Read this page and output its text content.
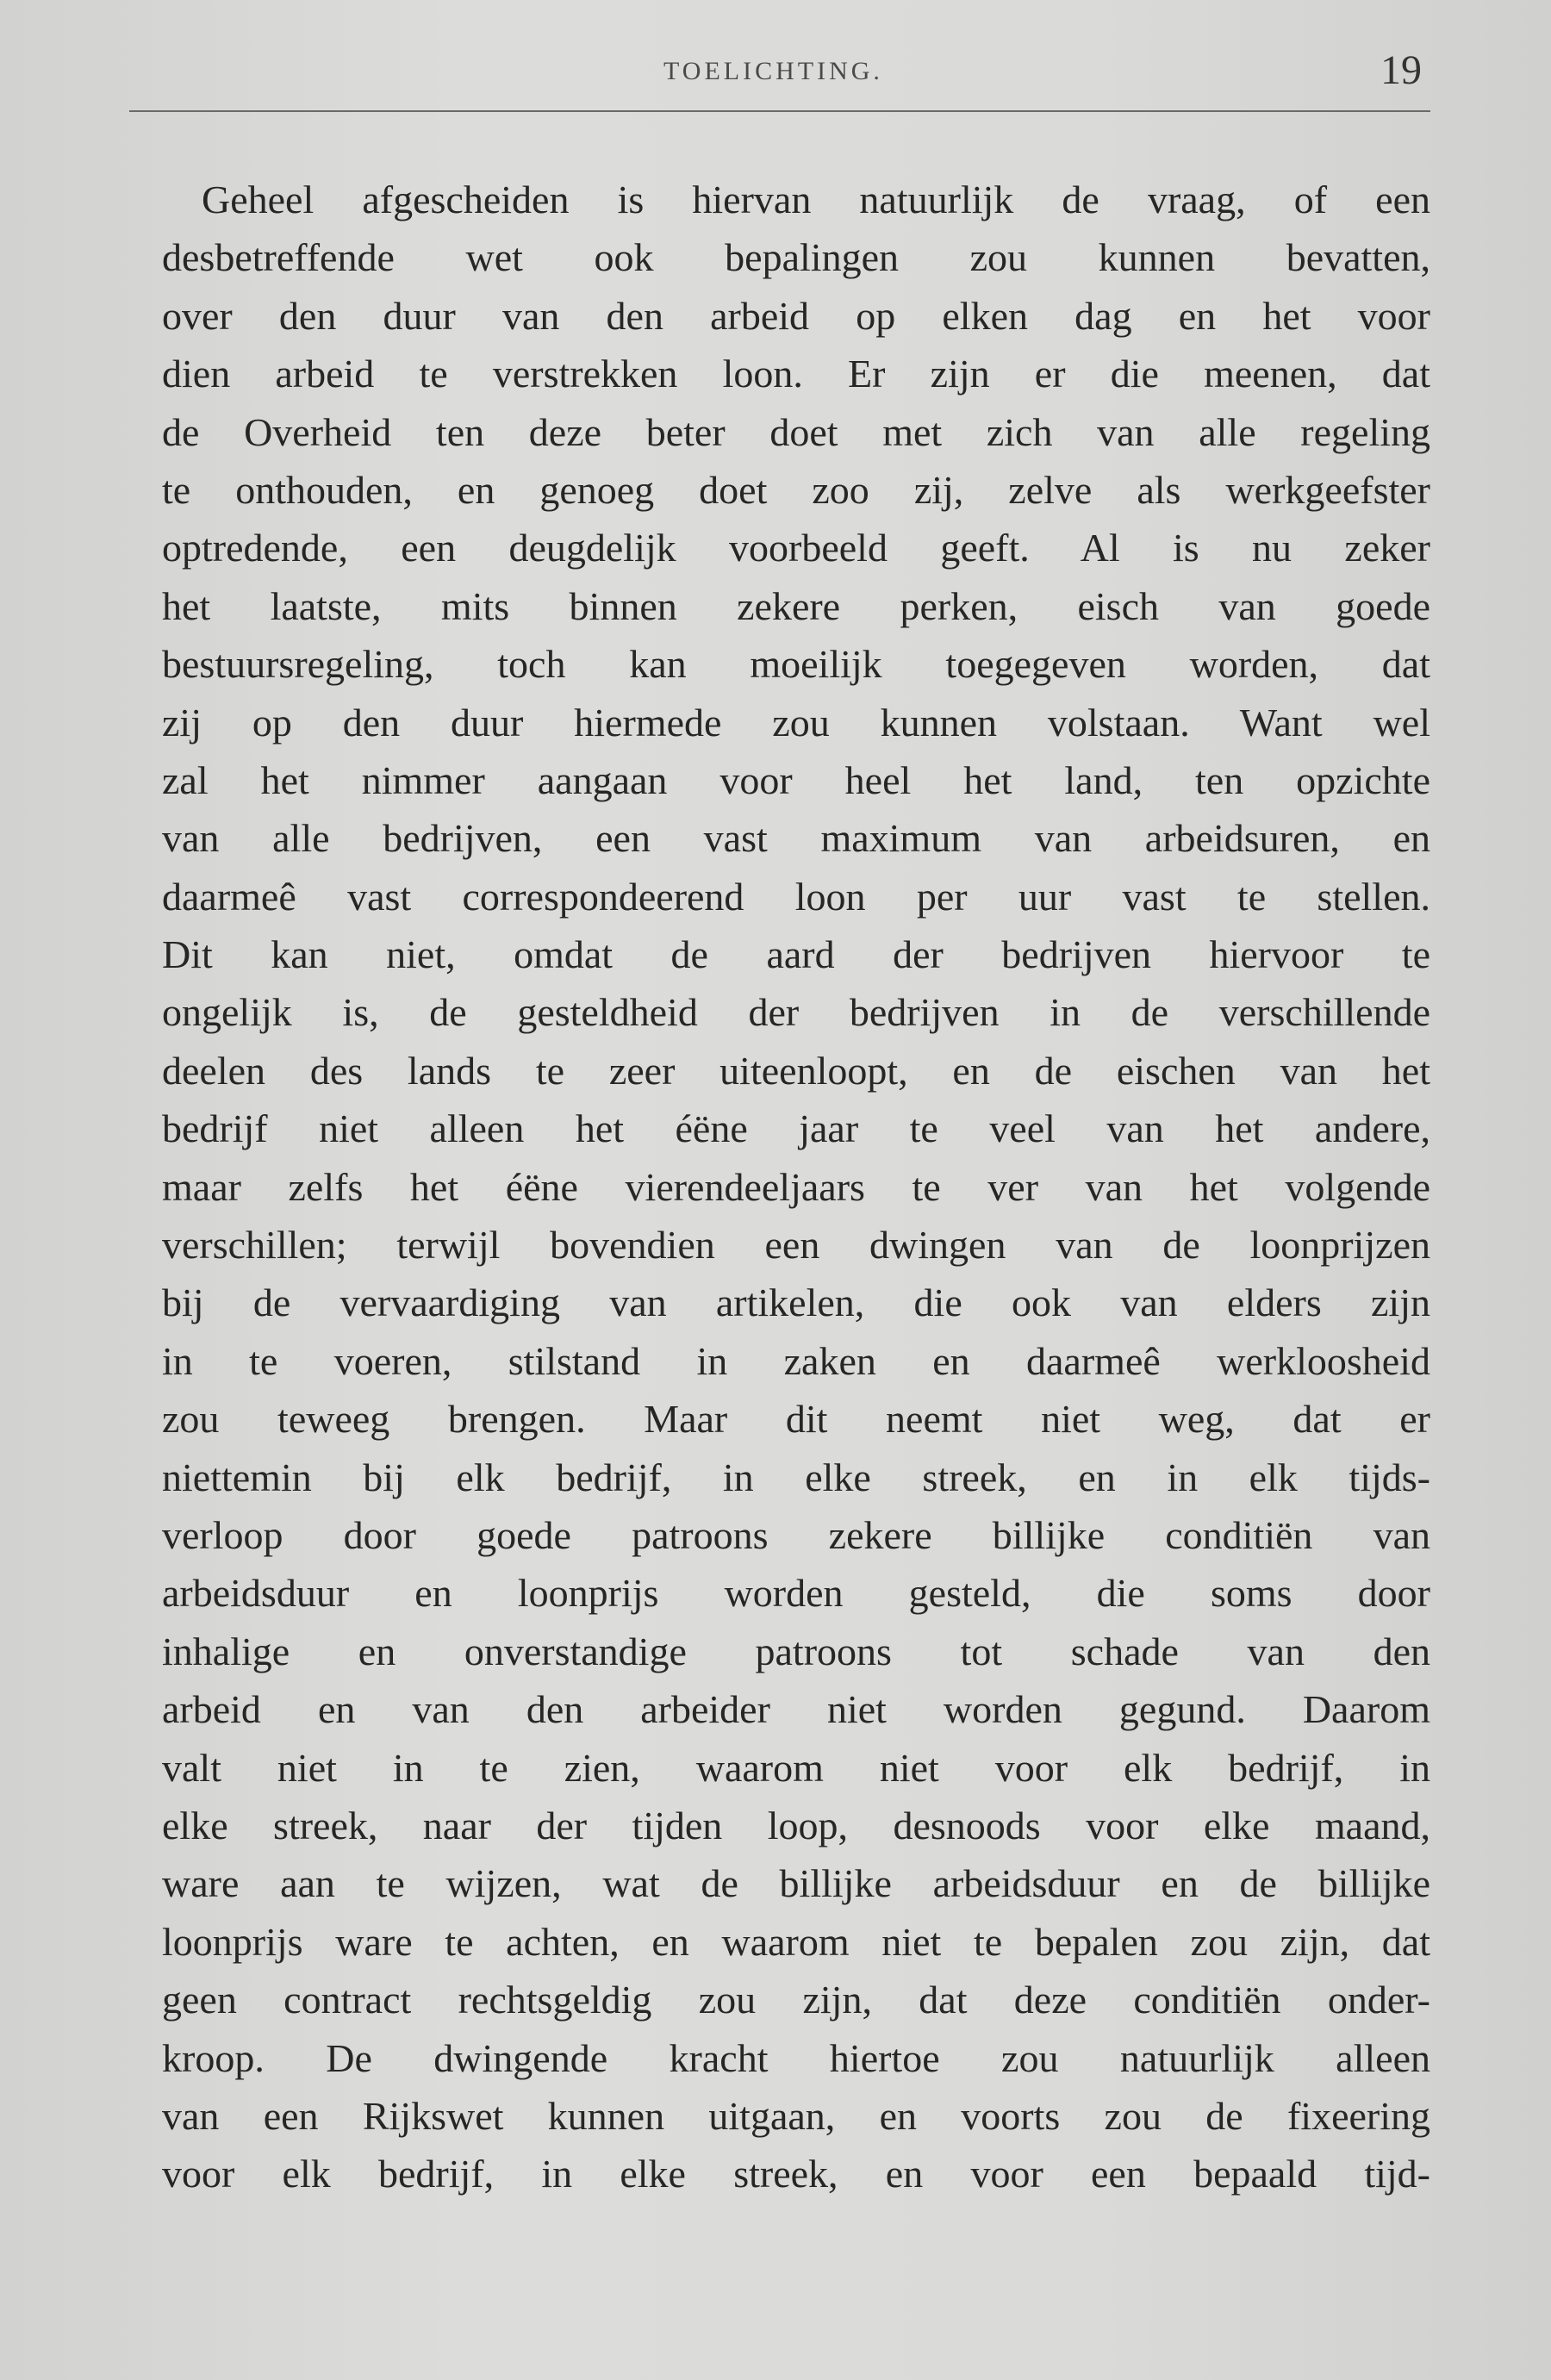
TOELICHTING.	19
Geheel afgescheiden is hiervan natuurlijk de vraag, of een
desbetreffende wet ook bepalingen zou kunnen bevatten,
over den duur van den arbeid op elken dag en het voor
dien arbeid te verstrekken loon. Er zijn er die meenen, dat
de Overheid ten deze beter doet met zich van alle regeling
te onthouden, en genoeg doet zoo zij, zelve als werkgeefster
optredende, een deugdelijk voorbeeld geeft. Al is nu zeker
het laatste, mits binnen zekere perken, eisch van goede
bestuursregeling, toch kan moeilijk toegegeven worden, dat
zij op den duur hiermede zou kunnen volstaan. Want wel
zal het nimmer aangaan voor heel het land, ten opzichte
van alle bedrijven, een vast maximum van arbeidsuren, en
daarmeê vast correspondeerend loon per uur vast te stellen.
Dit kan niet, omdat de aard der bedrijven hiervoor te
ongelijk is, de gesteldheid der bedrijven in de verschillende
deelen des lands te zeer uiteenloopt, en de eischen van het
bedrijf niet alleen het éëne jaar te veel van het andere,
maar zelfs het éëne vierendeeljaars te ver van het volgende
verschillen; terwijl bovendien een dwingen van de loonprijzen
bij de vervaardiging van artikelen, die ook van elders zijn
in te voeren, stilstand in zaken en daarmeê werkloosheid
zou teweeg brengen. Maar dit neemt niet weg, dat er
niettemin bij elk bedrijf, in elke streek, en in elk tijds-
verloop door goede patroons zekere billijke conditiën van
arbeidsduur en loonprijs worden gesteld, die soms door
inhalige en onverstandige patroons tot schade van den
arbeid en van den arbeider niet worden gegund. Daarom
valt niet in te zien, waarom niet voor elk bedrijf, in
elke streek, naar der tijden loop, desnoods voor elke maand,
ware aan te wijzen, wat de billijke arbeidsduur en de billijke
loonprijs ware te achten, en waarom niet te bepalen zou zijn, dat
geen contract rechtsgeldig zou zijn, dat deze conditiën onder-
kroop. De dwingende kracht hiertoe zou natuurlijk alleen
van een Rijkswet kunnen uitgaan, en voorts zou de fixeering
voor elk bedrijf, in elke streek, en voor een bepaald tijd-
